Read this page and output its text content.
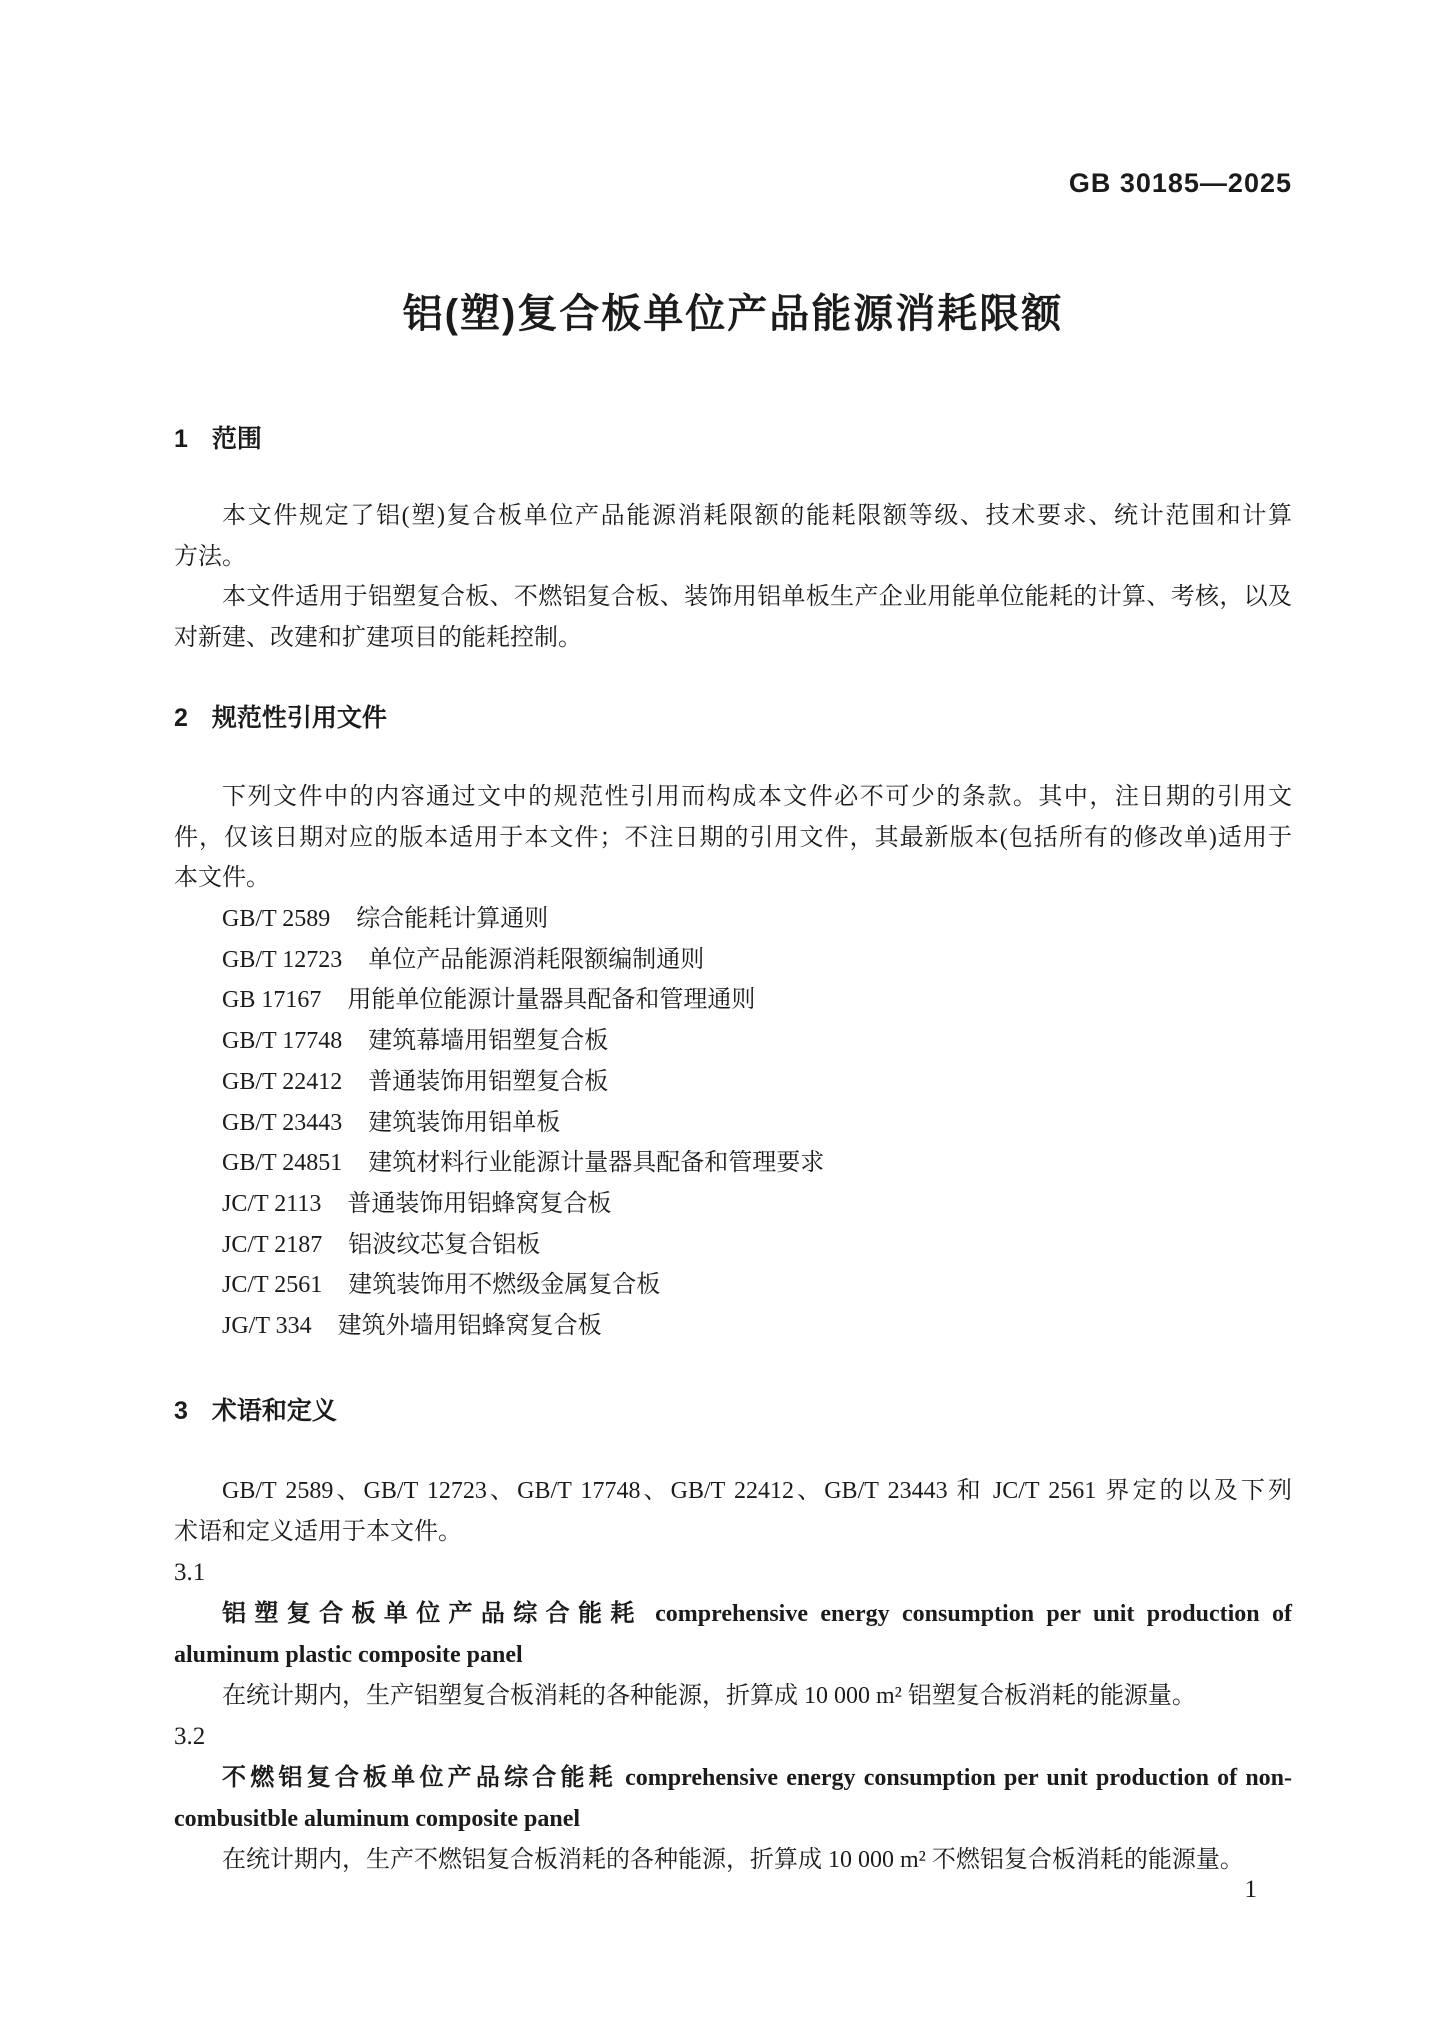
GB 30185—2025
铝(塑)复合板单位产品能源消耗限额
1 范围
本文件规定了铝(塑)复合板单位产品能源消耗限额的能耗限额等级、技术要求、统计范围和计算
方法。
本文件适用于铝塑复合板、不燃铝复合板、装饰用铝单板生产企业用能单位能耗的计算、考核，以及
对新建、改建和扩建项目的能耗控制。
2 规范性引用文件
下列文件中的内容通过文中的规范性引用而构成本文件必不可少的条款。其中，注日期的引用文
件，仅该日期对应的版本适用于本文件；不注日期的引用文件，其最新版本(包括所有的修改单)适用于
本文件。
GB/T 2589 综合能耗计算通则
GB/T 12723 单位产品能源消耗限额编制通则
GB 17167 用能单位能源计量器具配备和管理通则
GB/T 17748 建筑幕墙用铝塑复合板
GB/T 22412 普通装饰用铝塑复合板
GB/T 23443 建筑装饰用铝单板
GB/T 24851 建筑材料行业能源计量器具配备和管理要求
JC/T 2113 普通装饰用铝蜂窝复合板
JC/T 2187 铝波纹芯复合铝板
JC/T 2561 建筑装饰用不燃级金属复合板
JG/T 334 建筑外墙用铝蜂窝复合板
3 术语和定义
GB/T 2589、GB/T 12723、GB/T 17748、GB/T 22412、GB/T 23443 和 JC/T 2561 界定的以及下列
术语和定义适用于本文件。
3.1
铝塑复合板单位产品综合能耗 comprehensive energy consumption per unit production of
aluminum plastic composite panel
在统计期内，生产铝塑复合板消耗的各种能源，折算成 10 000 m² 铝塑复合板消耗的能源量。
3.2
不燃铝复合板单位产品综合能耗 comprehensive energy consumption per unit production of non-
combusitble aluminum composite panel
在统计期内，生产不燃铝复合板消耗的各种能源，折算成 10 000 m² 不燃铝复合板消耗的能源量。
1
